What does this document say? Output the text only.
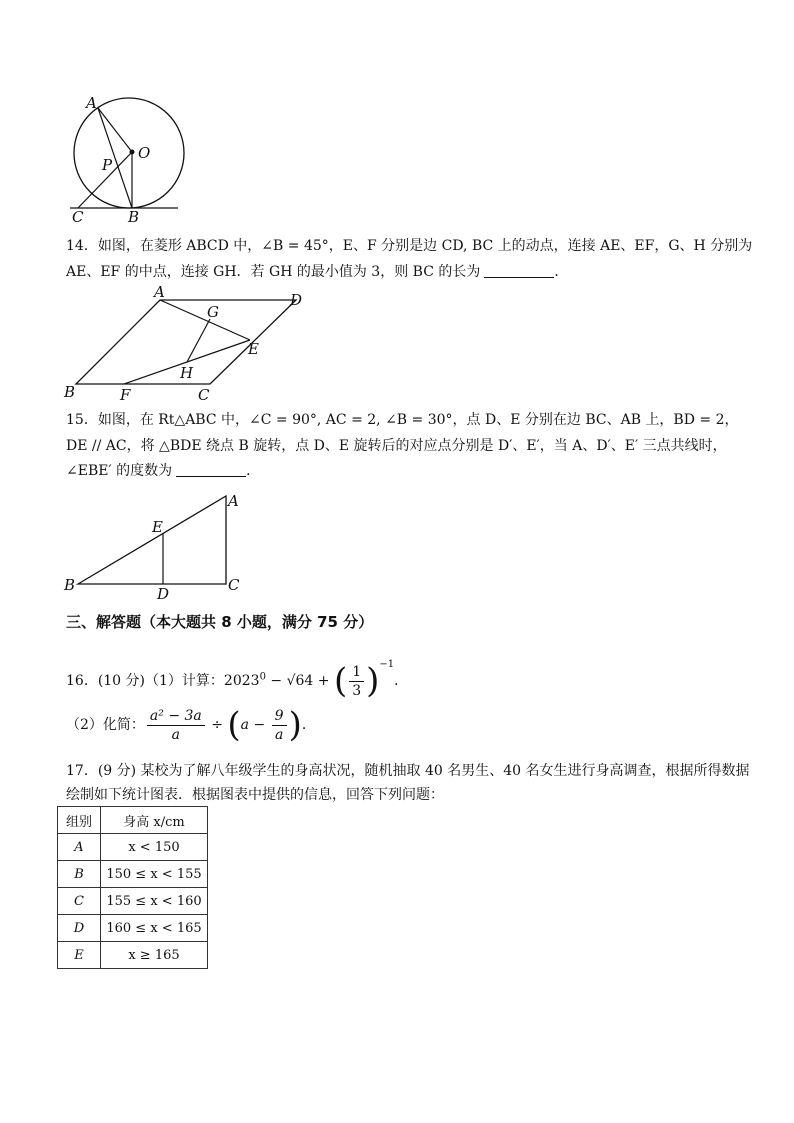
A
O
P
C	B
14．如图，在菱形 ABCD 中，∠B = 45°，E、F 分别是边 CD, BC 上的动点，连接 AE、EF，G、H 分别为
AE、EF 的中点，连接 GH．若 GH 的最小值为 3，则 BC 的长为	．
A	D
G
E
H
B	F	C
15．如图，在 Rt△ABC 中，∠C = 90°, AC = 2, ∠B = 30°，点 D、E 分别在边 BC、AB 上，BD = 2，
DE // AC，将 △BDE 绕点 B 旋转，点 D、E 旋转后的对应点分别是 D′、E′，当 A、D′、E′ 三点共线时，
∠EBE′ 的度数为	．
A
E
B	D	C
三、解答题（本大题共 8 小题，满分 75 分）
16．(10 分)（1）计算：$2023^0 - √64$ + ( $\frac{1}{3} )^{-1}$．
（2）化简： $\frac{\text{a² − 3a}}{a} \div (a - \frac{9}{a}$ )．
17．(9 分) 某校为了解八年级学生的身高状况，随机抽取 40 名男生、40 名女生进行身高调查，根据所得数据
绘制如下统计图表．根据图表中提供的信息，回答下列问题：
组别	身高 x/cm
A	x < 150
B	150 ≤ x < 155
C	155 ≤ x < 160
D	160 ≤ x < 165
E	x ≥ 165
